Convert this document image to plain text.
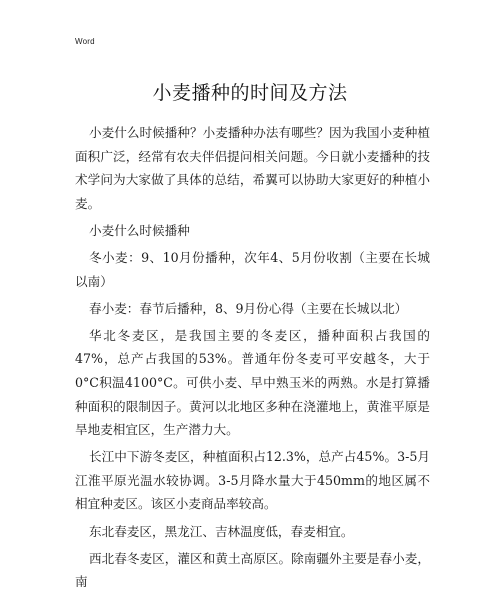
Word
小麦播种的时间及方法

小麦什么时候播种？小麦播种办法有哪些？因为我国小麦种植面积广泛，经常有农夫伴侣提问相关问题。今日就小麦播种的技术学问为大家做了具体的总结，希翼可以协助大家更好的种植小麦。

小麦什么时候播种

冬小麦：9、10月份播种，次年4、5月份收割（主要在长城以南）

春小麦：春节后播种，8、9月份心得（主要在长城以北）

华北冬麦区，是我国主要的冬麦区，播种面积占我国的47%，总产占我国的53%。普通年份冬麦可平安越冬，大于0°C积温4100°C。可供小麦、早中熟玉米的两熟。水是打算播种面积的限制因子。黄河以北地区多种在浇灌地上，黄淮平原是旱地麦相宜区，生产潜力大。

长江中下游冬麦区，种植面积占12.3%，总产占45%。3-5月江淮平原光温水较协调。3-5月降水量大于450mm的地区属不相宜种麦区。该区小麦商品率较高。

东北春麦区，黑龙江、吉林温度低，春麦相宜。

西北春冬麦区，灌区和黄土高原区。除南疆外主要是春小麦，南
